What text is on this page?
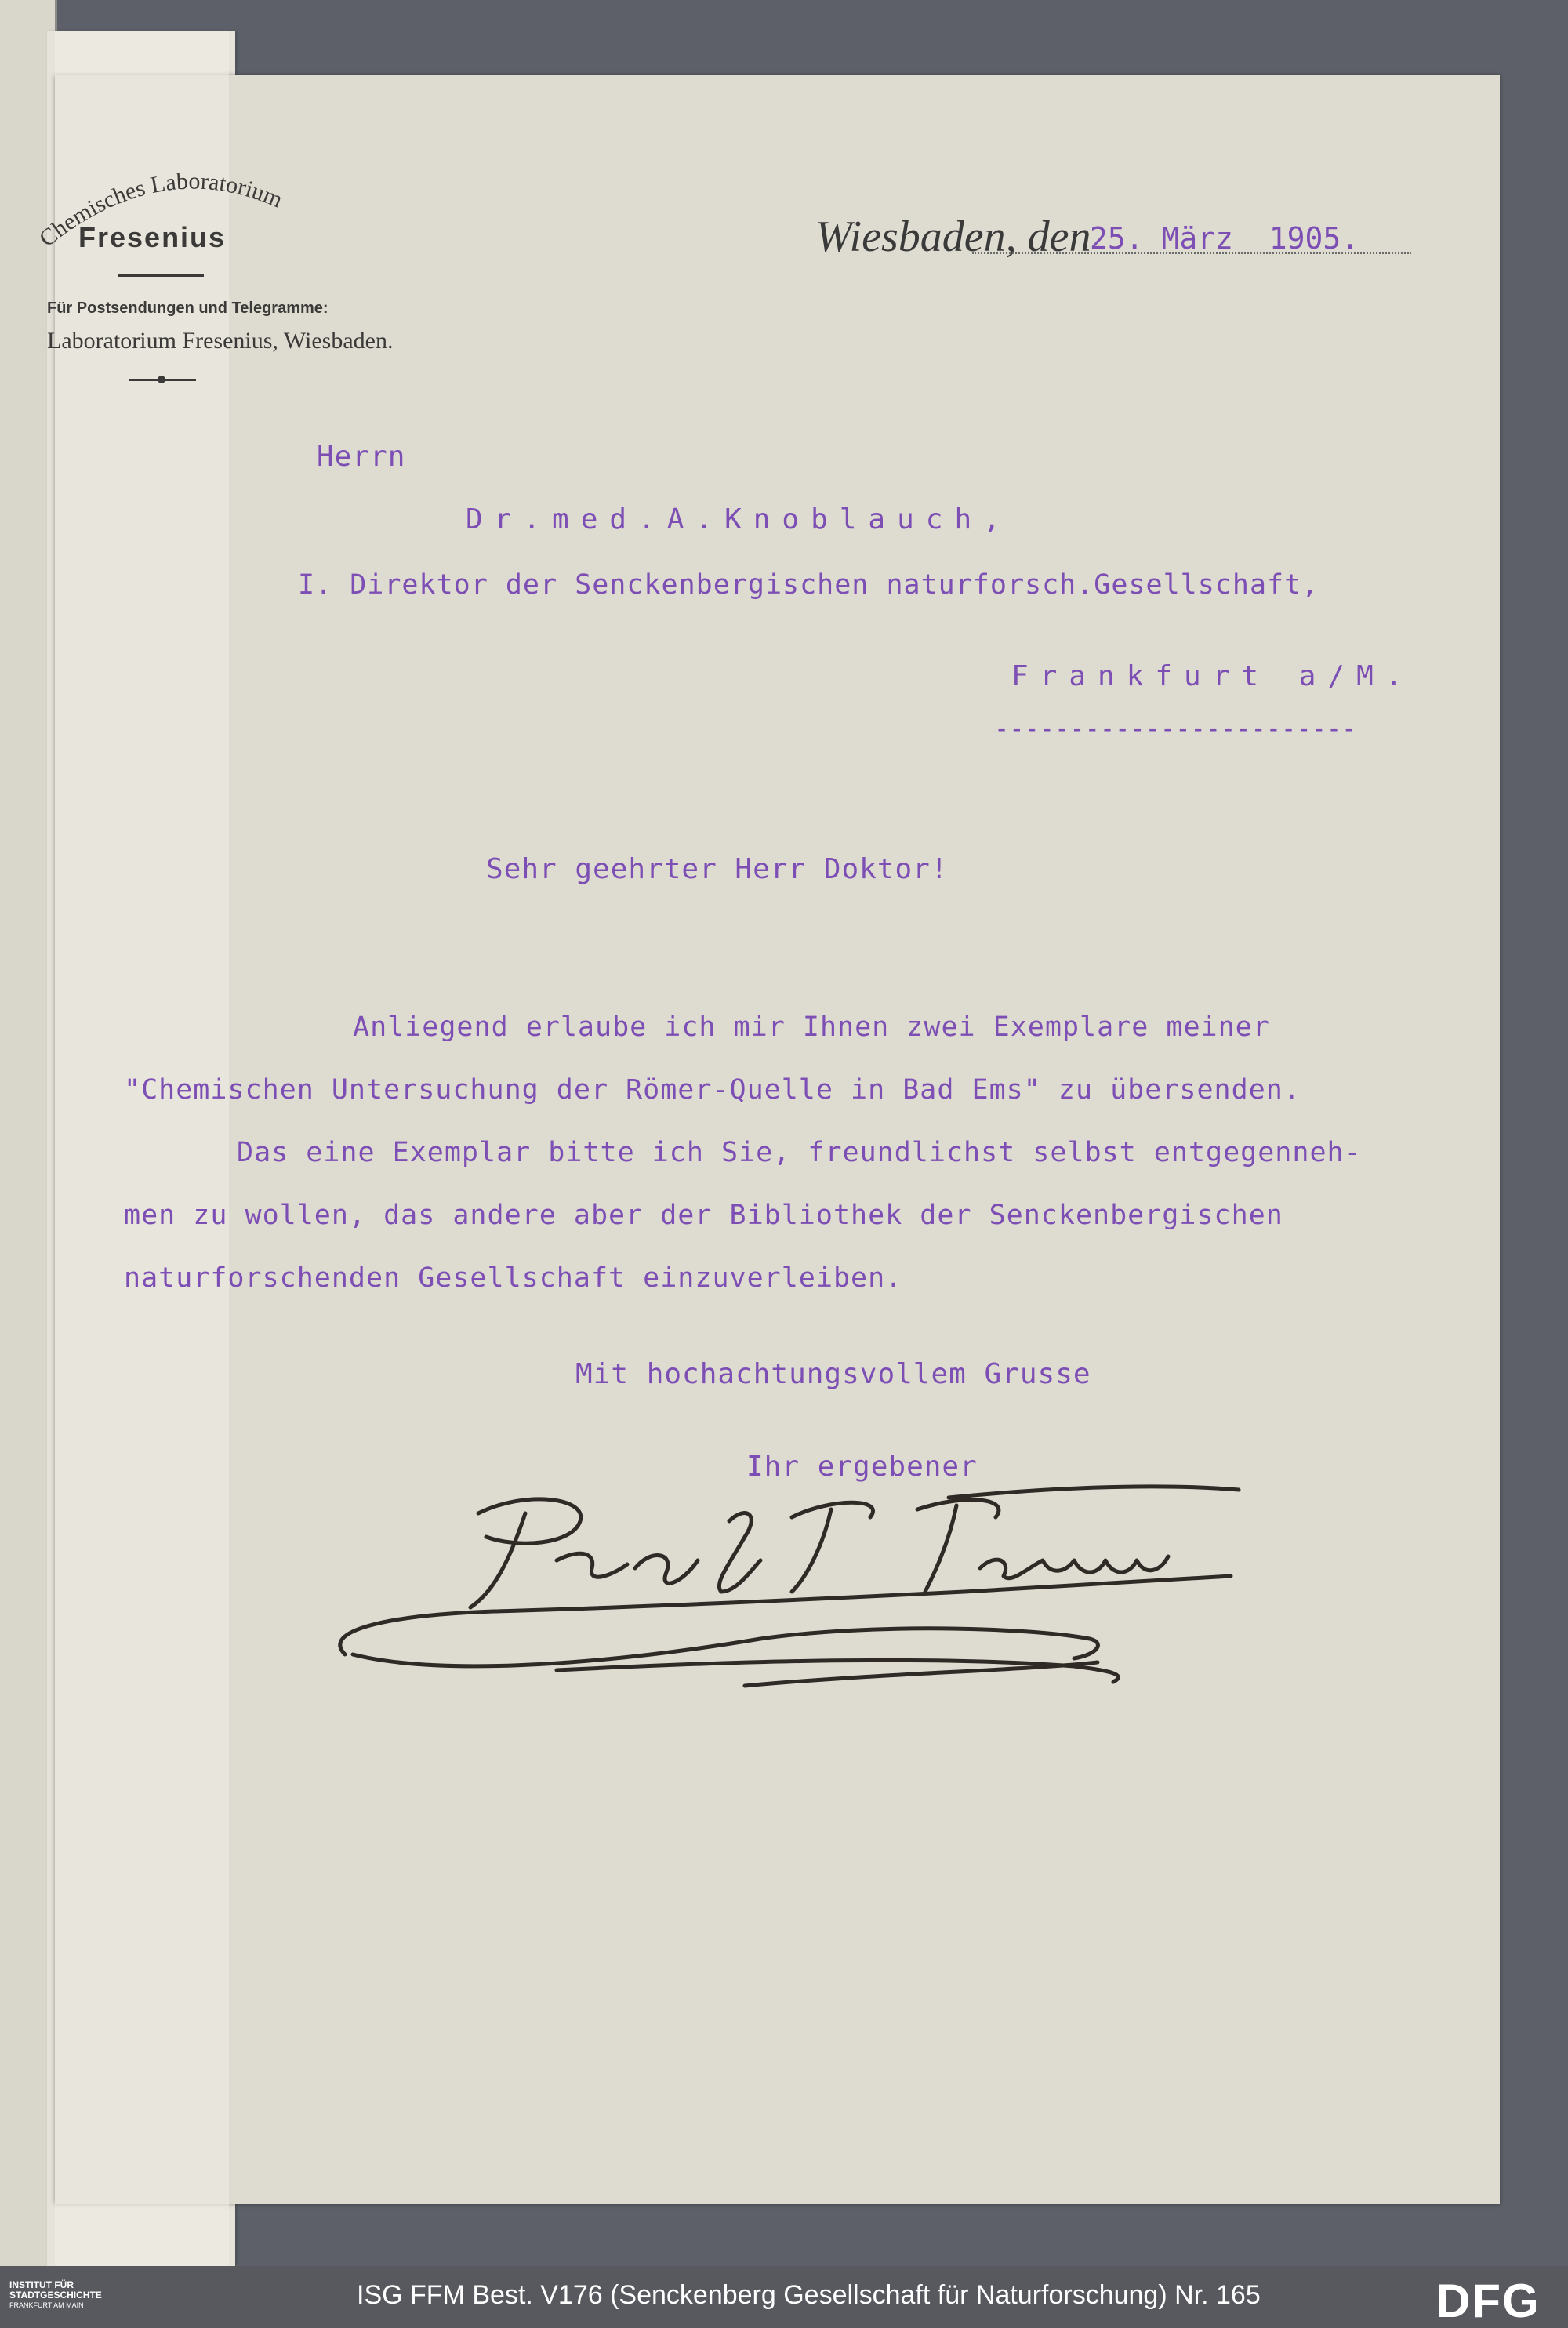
Chemisches Laboratorium
Fresenius
Für Postsendungen und Telegramme:
Laboratorium Fresenius, Wiesbaden.
Wiesbaden, den
25. März  1905.
Herrn
Dr.med.A.Knoblauch,
I. Direktor der Senckenbergischen naturforsch.Gesellschaft,
Frankfurt a/M.
------------------------
Sehr geehrter Herr Doktor!
Anliegend erlaube ich mir Ihnen zwei Exemplare meiner
"Chemischen Untersuchung der Römer-Quelle in Bad Ems" zu übersenden.
Das eine Exemplar bitte ich Sie, freundlichst selbst entgegenneh-
men zu wollen, das andere aber der Bibliothek der Senckenbergischen
naturforschenden Gesellschaft einzuverleiben.
Mit hochachtungsvollem Grusse
Ihr ergebener
INSTITUT FÜR
STADTGESCHICHTE
FRANKFURT AM MAIN	ISG FFM Best. V176 (Senckenberg Gesellschaft für Naturforschung) Nr. 165	DFG
